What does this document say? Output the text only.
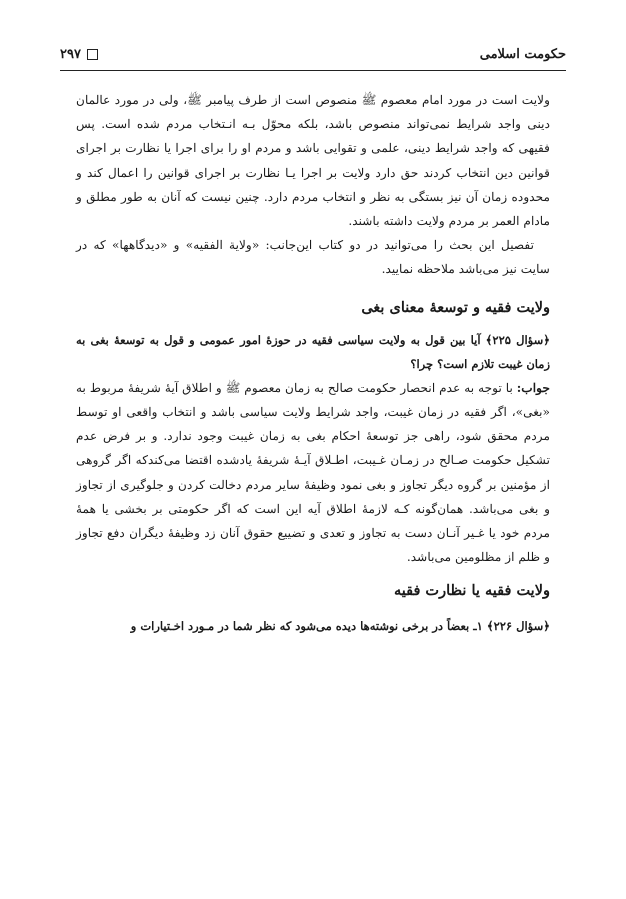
حکومت اسلامی
۲۹۷

ولایت است در مورد امام معصوم ﷺ منصوص است از طرف پیامبر ﷺ، ولی در مورد عالمان دینی واجد شرایط نمی‌تواند منصوص باشد، بلکه محوّل بـه انـتخاب مردم شده است. پس فقیهی که واجد شرایط دینی، علمی و تقوایی باشد و مردم او را برای اجرا یا نظارت بر اجرای قوانین دین انتخاب کردند حق دارد ولایت بر اجرا یـا نظارت بر اجرای قوانین را اعمال کند و محدوده زمان آن نیز بستگی به نظر و انتخاب مردم دارد. چنین نیست که آنان به طور مطلق و مادام العمر بر مردم ولایت داشته باشند.

تفصیل این بحث را می‌توانید در دو کتاب این‌جانب: «ولایة الفقیه» و «دیدگاهها» که در سایت نیز می‌باشد ملاحظه نمایید.

ولایت فقیه و توسعهٔ معنای بغی

﴿سؤال ۲۲۵﴾ آیا بین قول به ولایت سیاسی فقیه در حوزهٔ امور عمومی و قول به توسعهٔ بغی به زمان غیبت تلازم است؟ چرا؟

جواب: با توجه به عدم انحصار حکومت صالح به زمان معصوم ﷺ و اطلاق آیهٔ شریفهٔ مربوط به «بغی»، اگر فقیه در زمان غیبت، واجد شرایط ولایت سیاسی باشد و انتخاب واقعی او توسط مردم محقق شود، راهی جز توسعهٔ احکام بغی به زمان غیبت وجود ندارد. و بر فرض عدم تشکیل حکومت صـالح در زمـان غـیبت، اطـلاق آیـهٔ شریفهٔ یادشده اقتضا می‌کندکه اگر گروهی از مؤمنین بر گروه دیگر تجاوز و بغی نمود وظیفهٔ سایر مردم دخالت کردن و جلوگیری از تجاوز و بغی می‌باشد. همان‌گونه کـه لازمهٔ اطلاق آیه این است که اگر حکومتی بر بخشی یا همهٔ مردم خود یا غـیر آنـان دست به تجاوز و تعدی و تضییع حقوق آنان زد وظیفهٔ دیگران دفع تجاوز و ظلم از مظلومین می‌باشد.

ولایت فقیه یا نظارت فقیه

﴿سؤال ۲۲۶﴾ ۱ـ بعضاً در برخی نوشته‌ها دیده می‌شود که نظر شما در مـورد اخـتیارات و
